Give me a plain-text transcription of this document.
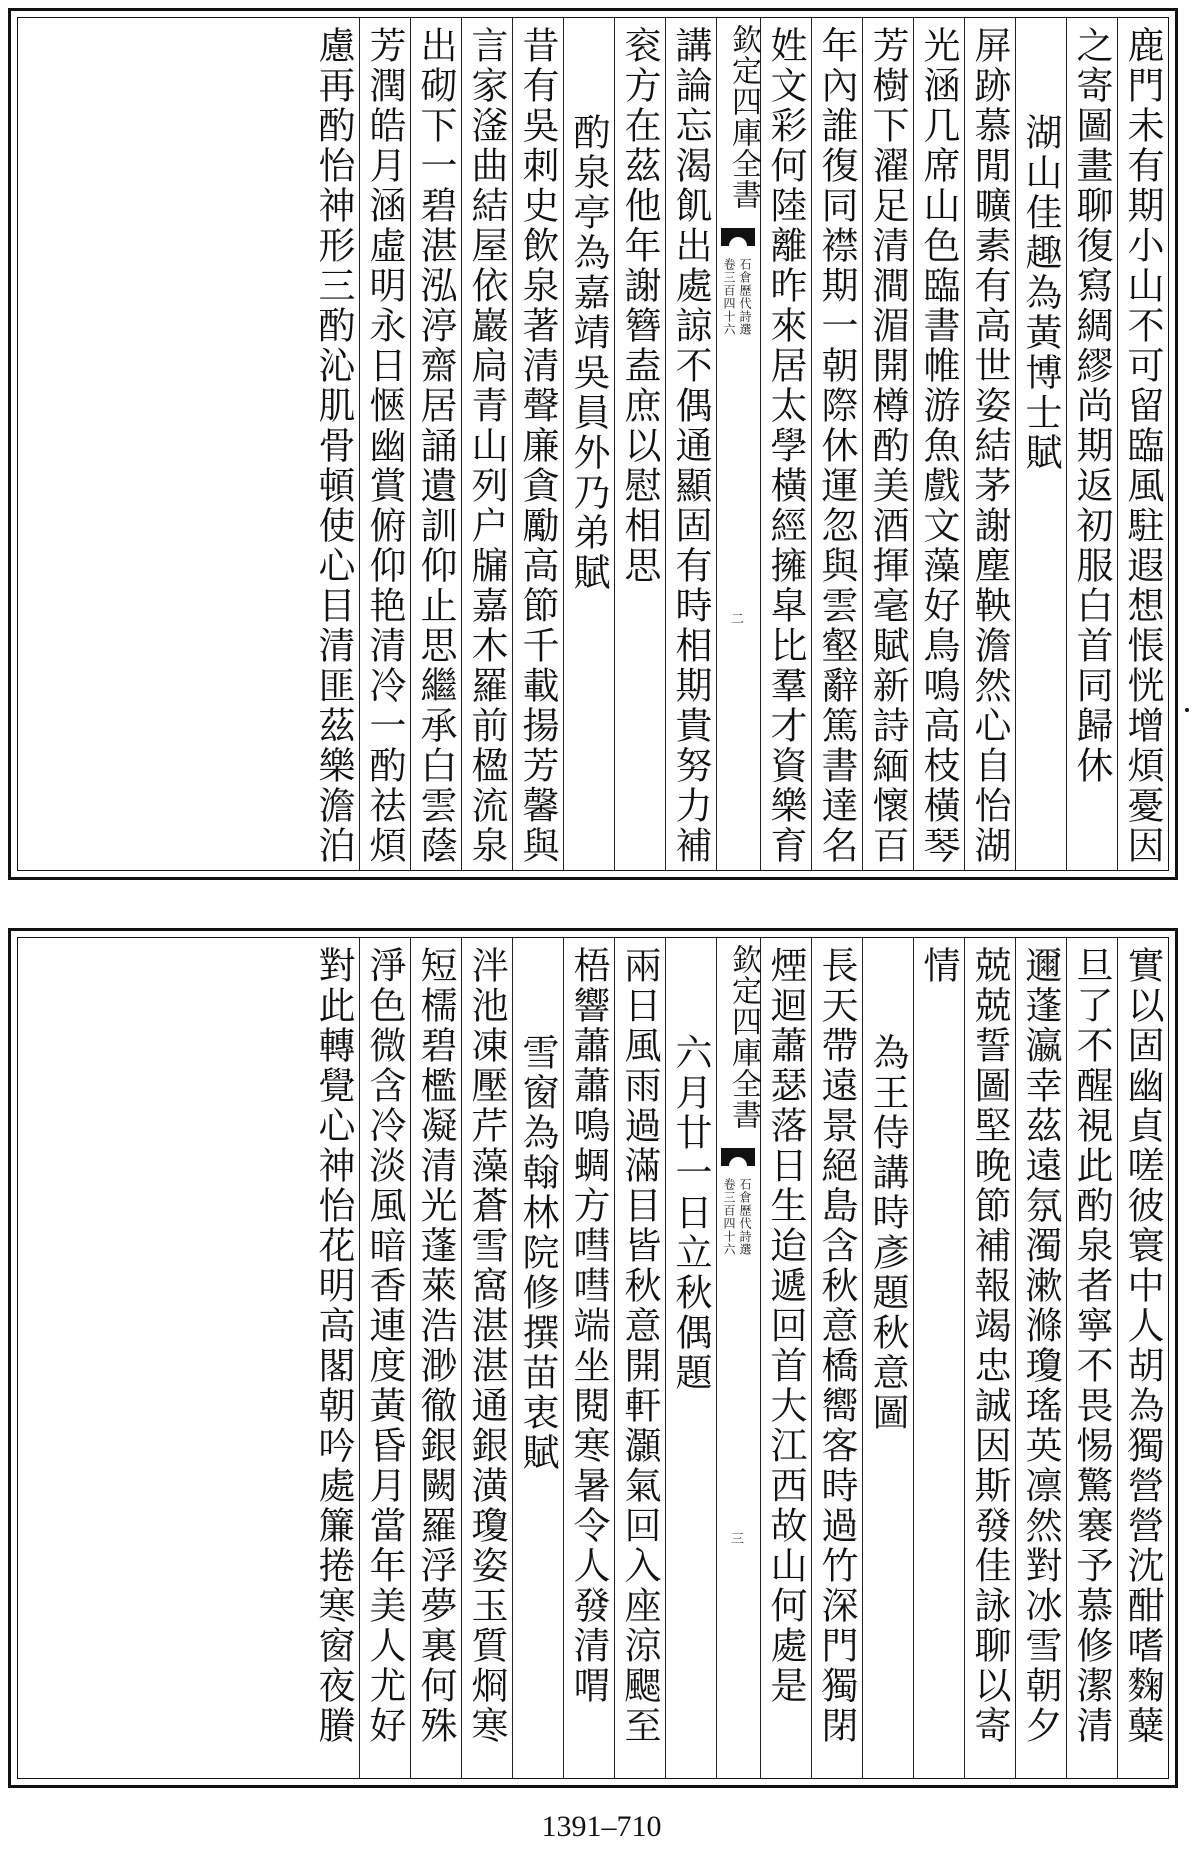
鹿門未有期小山不可留臨風駐遐想悵恍增煩憂因
之寄圖畫聊復寫綢繆尚期返初服白首同歸休
湖山佳趣為黃博士賦
屏跡慕閒曠素有高世姿結茅謝塵鞅澹然心自怡湖
光涵几席山色臨書帷游魚戲文藻好鳥鳴高枝橫琴
芳樹下濯足清澗湄開樽酌美酒揮毫賦新詩緬懷百
年內誰復同襟期一朝際休運忽與雲壑辭篤書達名
姓文彩何陸離昨來居太學橫經擁皐比羣才資樂育
欽定四庫全書
石倉歷代詩選
卷三百四十六
二
講論忘渴飢出處諒不偶通顯固有時相期貴努力補
衮方在茲他年謝簪盍庶以慰相思
酌泉亭為嘉靖吳員外乃弟賦
昔有吳刺史飲泉著清聲廉貪勵高節千載揚芳馨與
言家滏曲結屋依巖扃青山列户牖嘉木羅前楹流泉
出砌下一碧湛泓渟齋居誦遺訓仰止思繼承白雲蔭
芳潤皓月涵虛明永日愜幽賞俯仰艳清冷一酌祛煩
慮再酌怡神形三酌沁肌骨頓使心目清匪茲樂澹泊
實以固幽貞嗟彼寰中人胡為獨營營沈酣嗜麴糵
旦了不醒視此酌泉者寧不畏惕驚褰予慕修潔清
邇蓬瀛幸茲遠氛濁漱滌瓊瑤英凛然對冰雪朝夕
兢兢誓圖堅晚節補報竭忠誠因斯發佳詠聊以寄
情
為王侍講時彥題秋意圖
長天帶遠景絕島含秋意橋嚮客時過竹深門獨閉
煙迴蕭瑟落日生迨遞回首大江西故山何處是
欽定四庫全書
石倉歷代詩選
卷三百四十六
三
六月廿一日立秋偶題
兩日風雨過滿目皆秋意開軒灝氣回入座涼颸至
梧響蕭蕭鳴蜩方嘒嘒端坐閱寒暑令人發清喟
雪窗為翰林院修撰苗衷賦
泮池凍壓芹藻蒼雪窩湛湛通銀潢瓊姿玉質烱寒
短檽碧檻凝清光蓬萊浩渺徹銀闕羅浮夢裏何殊
淨色微含冷淡風暗香連度黃昏月當年美人尤好
對此轉覺心神怡花明高閣朝吟處簾捲寒窗夜賸
1391–710
